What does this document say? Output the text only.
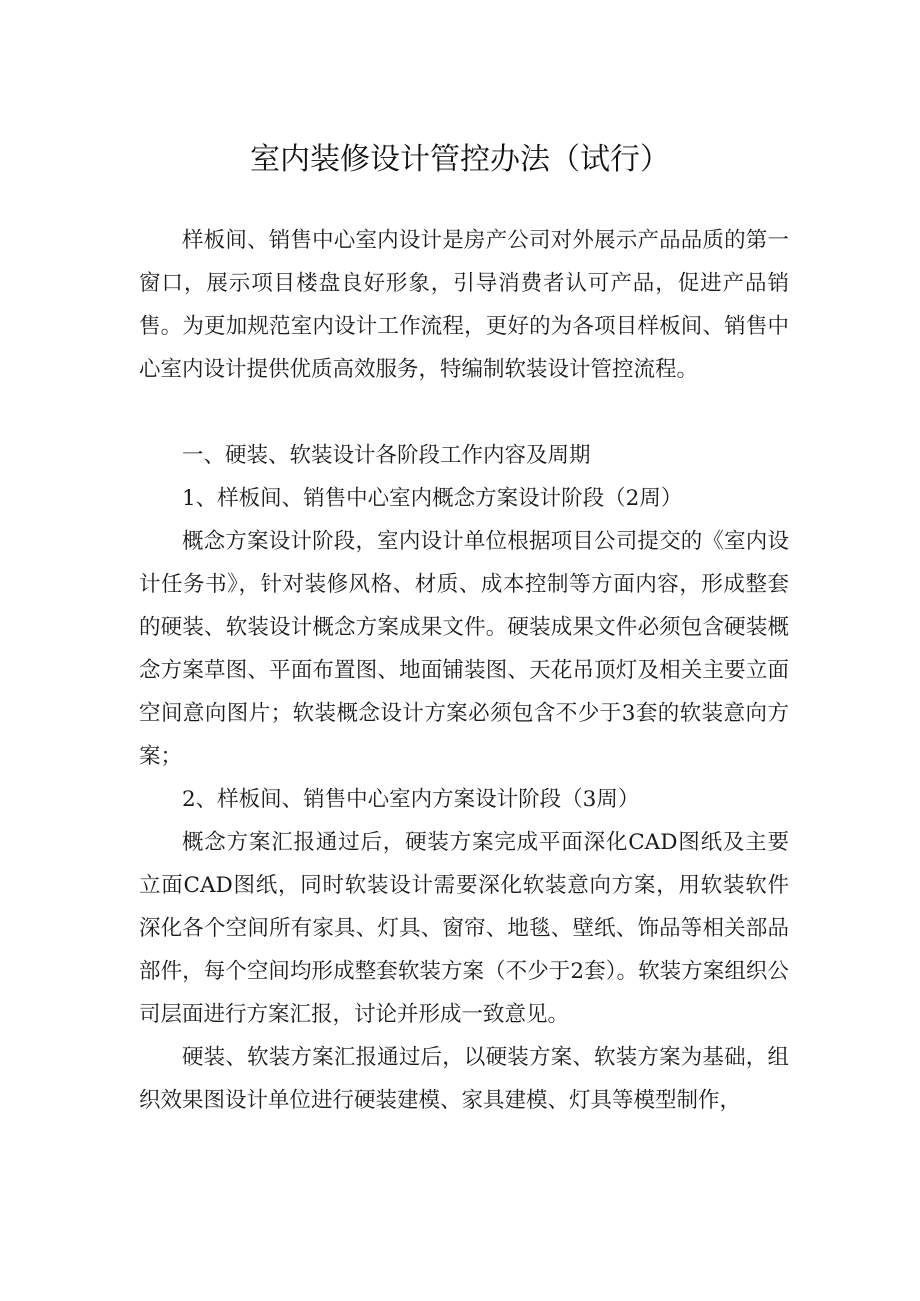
室内装修设计管控办法（试行）

样板间、销售中心室内设计是房产公司对外展示产品品质的第一窗口，展示项目楼盘良好形象，引导消费者认可产品，促进产品销售。为更加规范室内设计工作流程，更好的为各项目样板间、销售中心室内设计提供优质高效服务，特编制软装设计管控流程。

一、硬装、软装设计各阶段工作内容及周期

1、样板间、销售中心室内概念方案设计阶段（2周）

概念方案设计阶段，室内设计单位根据项目公司提交的《室内设计任务书》，针对装修风格、材质、成本控制等方面内容，形成整套的硬装、软装设计概念方案成果文件。硬装成果文件必须包含硬装概念方案草图、平面布置图、地面铺装图、天花吊顶灯及相关主要立面空间意向图片；软装概念设计方案必须包含不少于3套的软装意向方案；

2、样板间、销售中心室内方案设计阶段（3周）

概念方案汇报通过后，硬装方案完成平面深化CAD图纸及主要立面CAD图纸，同时软装设计需要深化软装意向方案，用软装软件深化各个空间所有家具、灯具、窗帘、地毯、壁纸、饰品等相关部品部件，每个空间均形成整套软装方案（不少于2套）。软装方案组织公司层面进行方案汇报，讨论并形成一致意见。

硬装、软装方案汇报通过后，以硬装方案、软装方案为基础，组织效果图设计单位进行硬装建模、家具建模、灯具等模型制作，
